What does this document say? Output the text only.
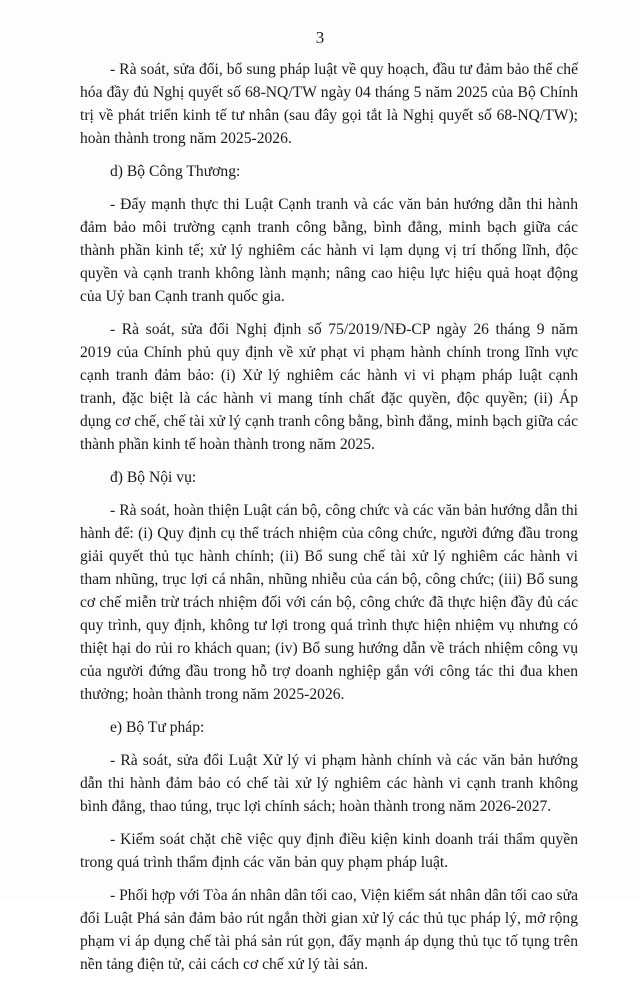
3

- Rà soát, sửa đổi, bổ sung pháp luật về quy hoạch, đầu tư đảm bảo thể chế hóa đầy đủ Nghị quyết số 68-NQ/TW ngày 04 tháng 5 năm 2025 của Bộ Chính trị về phát triển kinh tế tư nhân (sau đây gọi tắt là Nghị quyết số 68-NQ/TW); hoàn thành trong năm 2025-2026.

d) Bộ Công Thương:

- Đẩy mạnh thực thi Luật Cạnh tranh và các văn bản hướng dẫn thi hành đảm bảo môi trường cạnh tranh công bằng, bình đẳng, minh bạch giữa các thành phần kinh tế; xử lý nghiêm các hành vi lạm dụng vị trí thống lĩnh, độc quyền và cạnh tranh không lành mạnh; nâng cao hiệu lực hiệu quả hoạt động của Uỷ ban Cạnh tranh quốc gia.

- Rà soát, sửa đổi Nghị định số 75/2019/NĐ-CP ngày 26 tháng 9 năm 2019 của Chính phủ quy định về xử phạt vi phạm hành chính trong lĩnh vực cạnh tranh đảm bảo: (i) Xử lý nghiêm các hành vi vi phạm pháp luật cạnh tranh, đặc biệt là các hành vi mang tính chất đặc quyền, độc quyền; (ii) Áp dụng cơ chế, chế tài xử lý cạnh tranh công bằng, bình đẳng, minh bạch giữa các thành phần kinh tế hoàn thành trong năm 2025.

đ) Bộ Nội vụ:

- Rà soát, hoàn thiện Luật cán bộ, công chức và các văn bản hướng dẫn thi hành để: (i) Quy định cụ thể trách nhiệm của công chức, người đứng đầu trong giải quyết thủ tục hành chính; (ii) Bổ sung chế tài xử lý nghiêm các hành vi tham nhũng, trục lợi cá nhân, nhũng nhiễu của cán bộ, công chức; (iii) Bổ sung cơ chế miễn trừ trách nhiệm đối với cán bộ, công chức đã thực hiện đầy đủ các quy trình, quy định, không tư lợi trong quá trình thực hiện nhiệm vụ nhưng có thiệt hại do rủi ro khách quan; (iv) Bổ sung hướng dẫn về trách nhiệm công vụ của người đứng đầu trong hỗ trợ doanh nghiệp gắn với công tác thi đua khen thưởng; hoàn thành trong năm 2025-2026.

e) Bộ Tư pháp:

- Rà soát, sửa đổi Luật Xử lý vi phạm hành chính và các văn bản hướng dẫn thi hành đảm bảo có chế tài xử lý nghiêm các hành vi cạnh tranh không bình đẳng, thao túng, trục lợi chính sách; hoàn thành trong năm 2026-2027.

- Kiểm soát chặt chẽ việc quy định điều kiện kinh doanh trái thẩm quyền trong quá trình thẩm định các văn bản quy phạm pháp luật.

- Phối hợp với Tòa án nhân dân tối cao, Viện kiểm sát nhân dân tối cao sửa đổi Luật Phá sản đảm bảo rút ngắn thời gian xử lý các thủ tục pháp lý, mở rộng phạm vi áp dụng chế tài phá sản rút gọn, đẩy mạnh áp dụng thủ tục tố tụng trên nền tảng điện tử, cải cách cơ chế xử lý tài sản.
